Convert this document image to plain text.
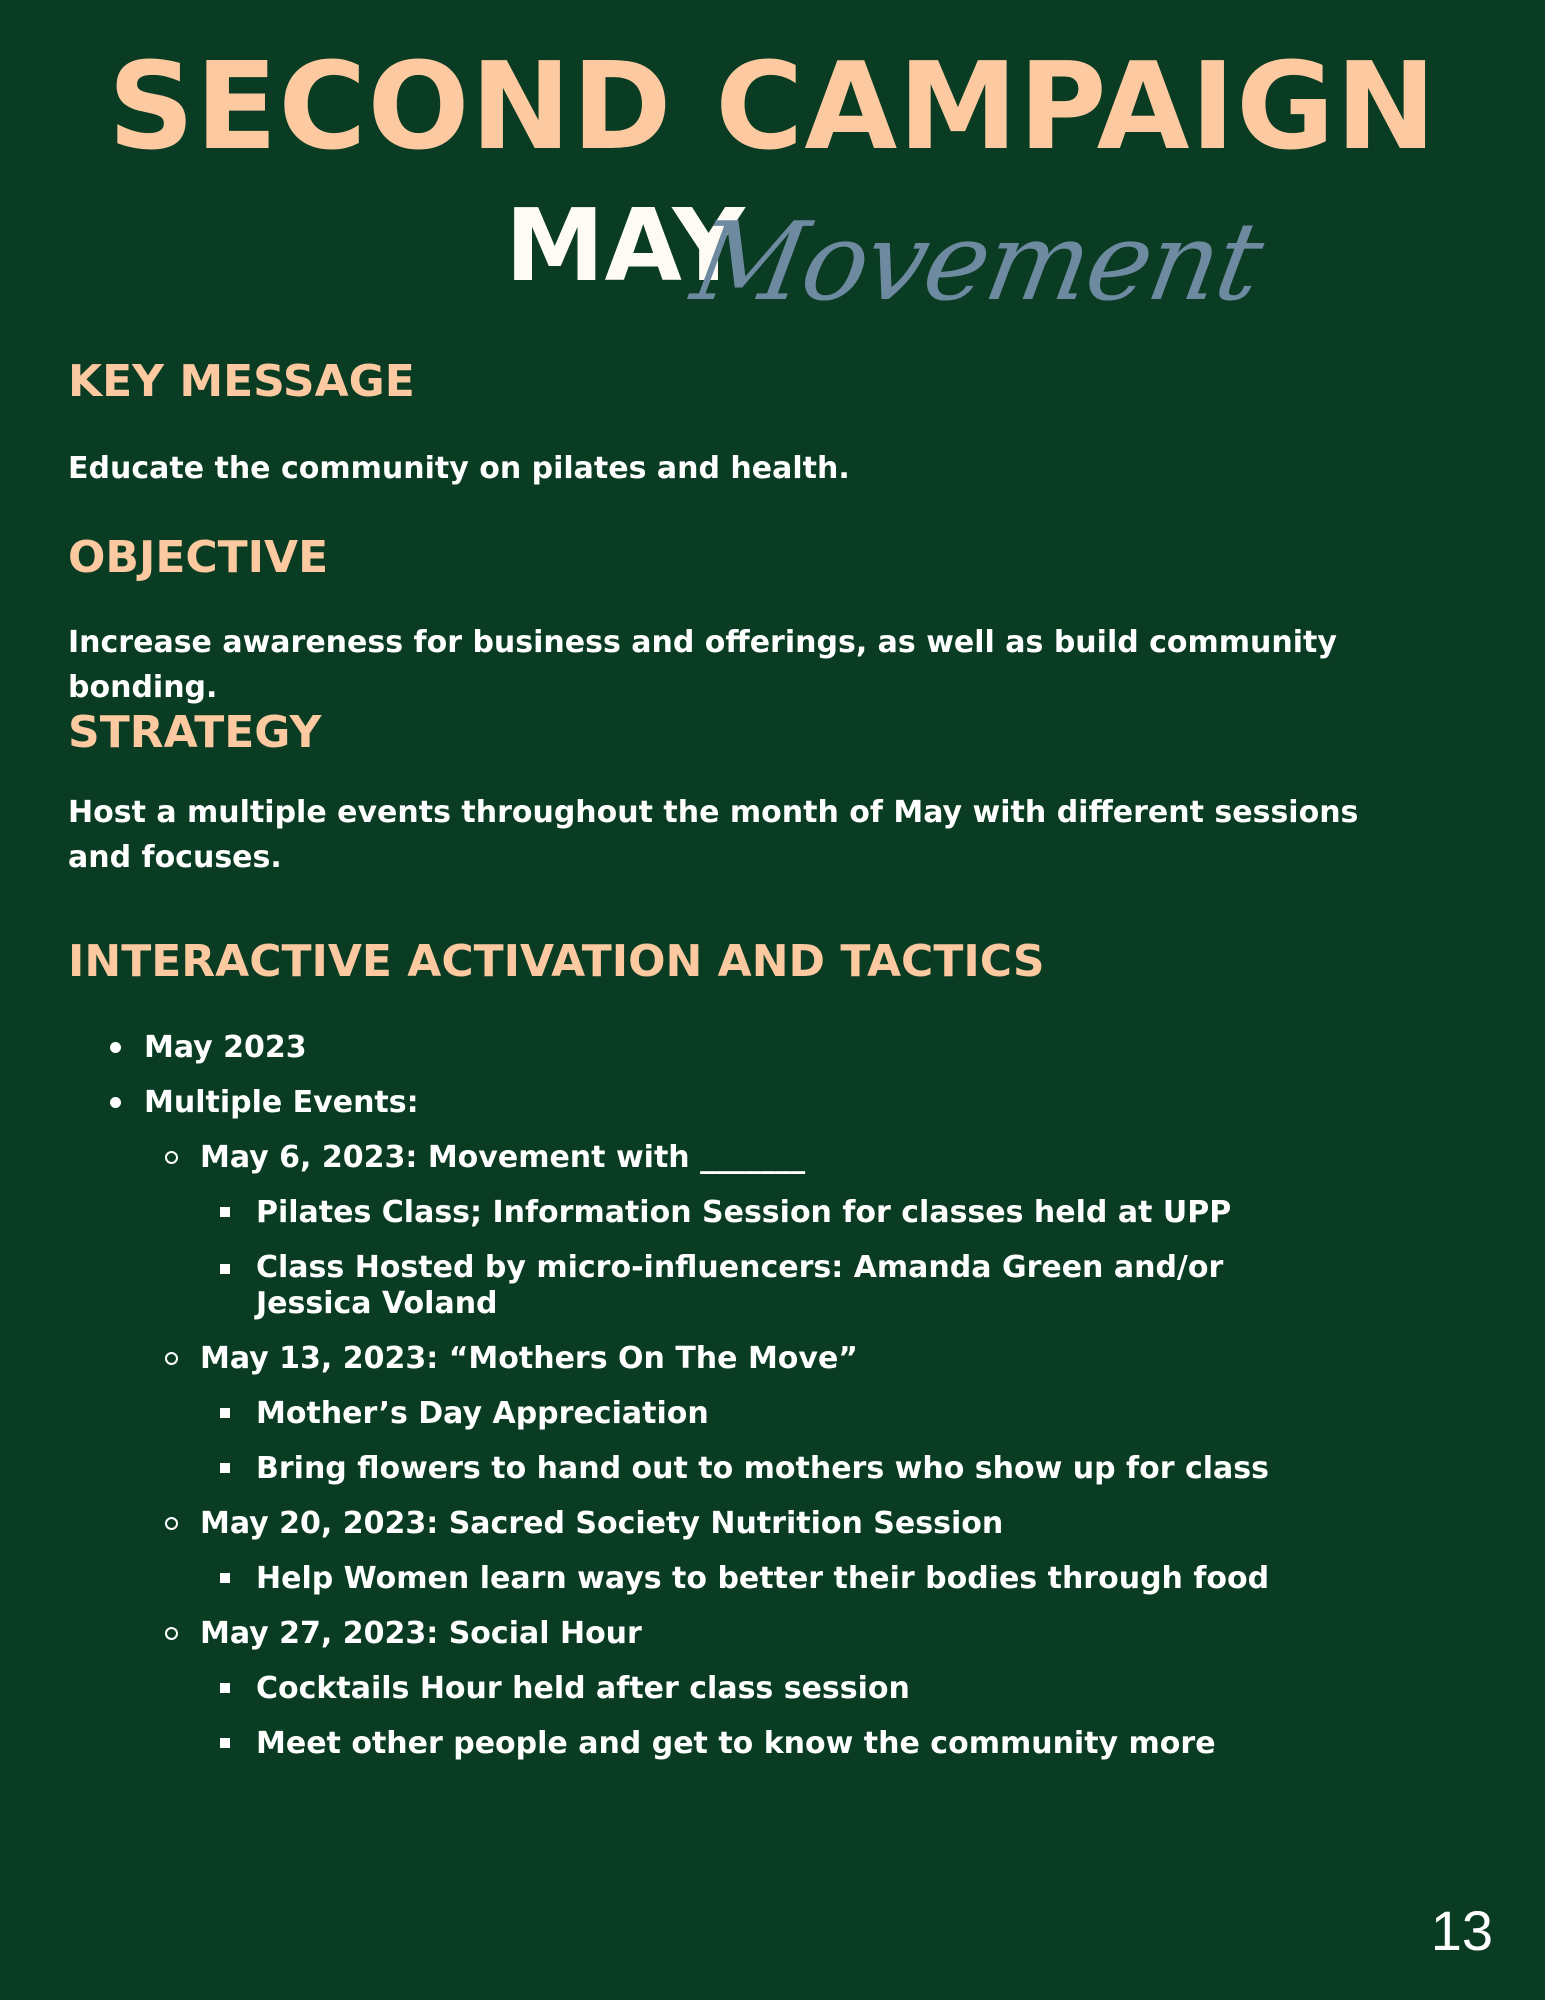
SECOND CAMPAIGN
MAY
Movement
KEY MESSAGE

Educate the community on pilates and health.

OBJECTIVE

Increase awareness for business and offerings, as well as build community bonding.

STRATEGY

Host a multiple events throughout the month of May with different sessions and focuses.

INTERACTIVE ACTIVATION AND TACTICS
May 2023
Multiple Events:
May 6, 2023: Movement with _______
Pilates Class; Information Session for classes held at UPP
Class Hosted by micro-influencers: Amanda Green and/or Jessica Voland
May 13, 2023: “Mothers On The Move”
Mother’s Day Appreciation
Bring flowers to hand out to mothers who show up for class
May 20, 2023: Sacred Society Nutrition Session
Help Women learn ways to better their bodies through food
May 27, 2023: Social Hour
Cocktails Hour held after class session
Meet other people and get to know the community more
13
